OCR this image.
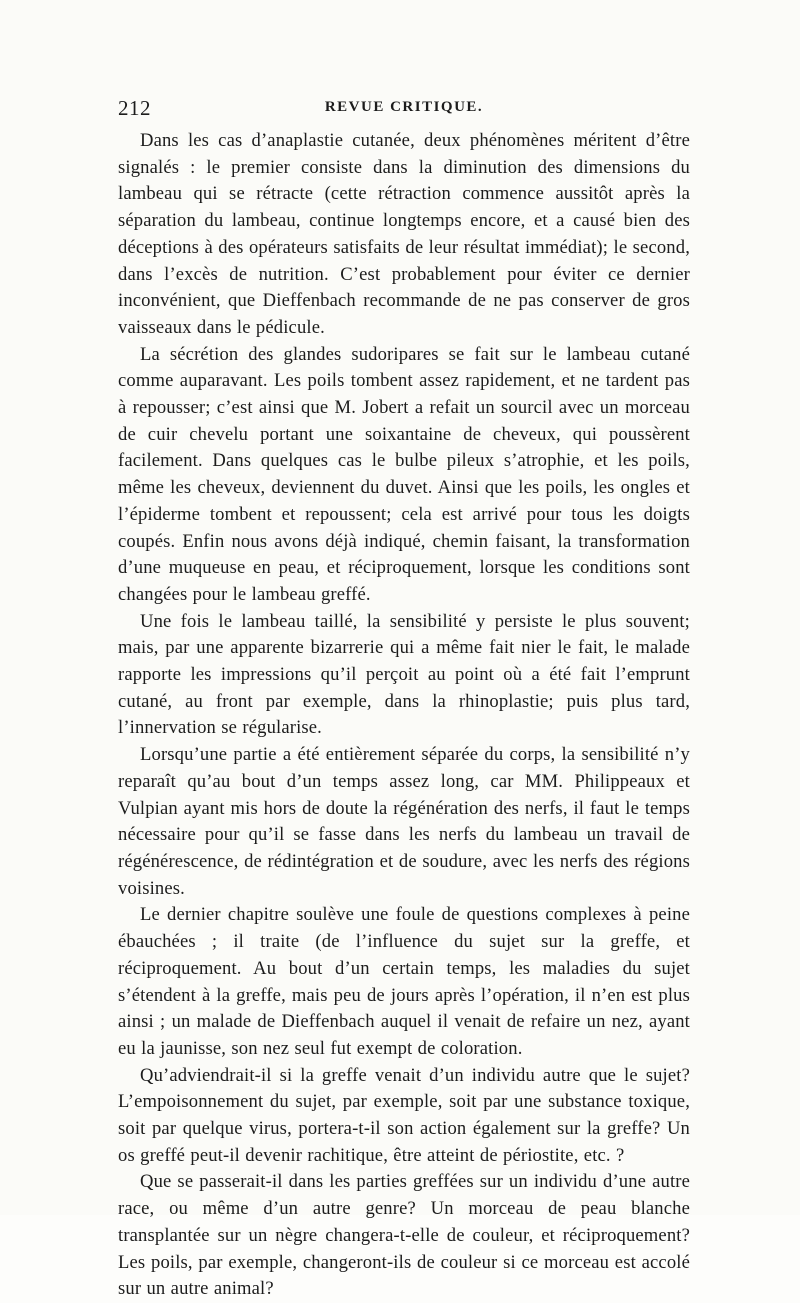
212	REVUE CRITIQUE.

Dans les cas d’anaplastie cutanée, deux phénomènes méritent d’être signalés : le premier consiste dans la diminution des dimensions du lambeau qui se rétracte (cette rétraction commence aussitôt après la séparation du lambeau, continue longtemps encore, et a causé bien des déceptions à des opérateurs satisfaits de leur résultat immédiat); le second, dans l’excès de nutrition. C’est probablement pour éviter ce dernier inconvénient, que Dieffenbach recommande de ne pas conserver de gros vaisseaux dans le pédicule.

La sécrétion des glandes sudoripares se fait sur le lambeau cutané comme auparavant. Les poils tombent assez rapidement, et ne tardent pas à repousser; c’est ainsi que M. Jobert a refait un sourcil avec un morceau de cuir chevelu portant une soixantaine de cheveux, qui poussèrent facilement. Dans quelques cas le bulbe pileux s’atrophie, et les poils, même les cheveux, deviennent du duvet. Ainsi que les poils, les ongles et l’épiderme tombent et repoussent; cela est arrivé pour tous les doigts coupés. Enfin nous avons déjà indiqué, chemin faisant, la transformation d’une muqueuse en peau, et réciproquement, lorsque les conditions sont changées pour le lambeau greffé.

Une fois le lambeau taillé, la sensibilité y persiste le plus souvent; mais, par une apparente bizarrerie qui a même fait nier le fait, le malade rapporte les impressions qu’il perçoit au point où a été fait l’emprunt cutané, au front par exemple, dans la rhinoplastie; puis plus tard, l’innervation se régularise.

Lorsqu’une partie a été entièrement séparée du corps, la sensibilité n’y reparaît qu’au bout d’un temps assez long, car MM. Philippeaux et Vulpian ayant mis hors de doute la régénération des nerfs, il faut le temps nécessaire pour qu’il se fasse dans les nerfs du lambeau un travail de régénérescence, de rédintégration et de soudure, avec les nerfs des régions voisines.

Le dernier chapitre soulève une foule de questions complexes à peine ébauchées ; il traite (de l’influence du sujet sur la greffe, et réciproquement. Au bout d’un certain temps, les maladies du sujet s’étendent à la greffe, mais peu de jours après l’opération, il n’en est plus ainsi ; un malade de Dieffenbach auquel il venait de refaire un nez, ayant eu la jaunisse, son nez seul fut exempt de coloration.

Qu’adviendrait-il si la greffe venait d’un individu autre que le sujet? L’empoisonnement du sujet, par exemple, soit par une substance toxique, soit par quelque virus, portera-t-il son action également sur la greffe? Un os greffé peut-il devenir rachitique, être atteint de périostite, etc. ?

Que se passerait-il dans les parties greffées sur un individu d’une autre race, ou même d’un autre genre? Un morceau de peau blanche transplantée sur un nègre changera-t-elle de couleur, et réciproquement? Les poils, par exemple, changeront-ils de couleur si ce morceau est accolé sur un autre animal?
